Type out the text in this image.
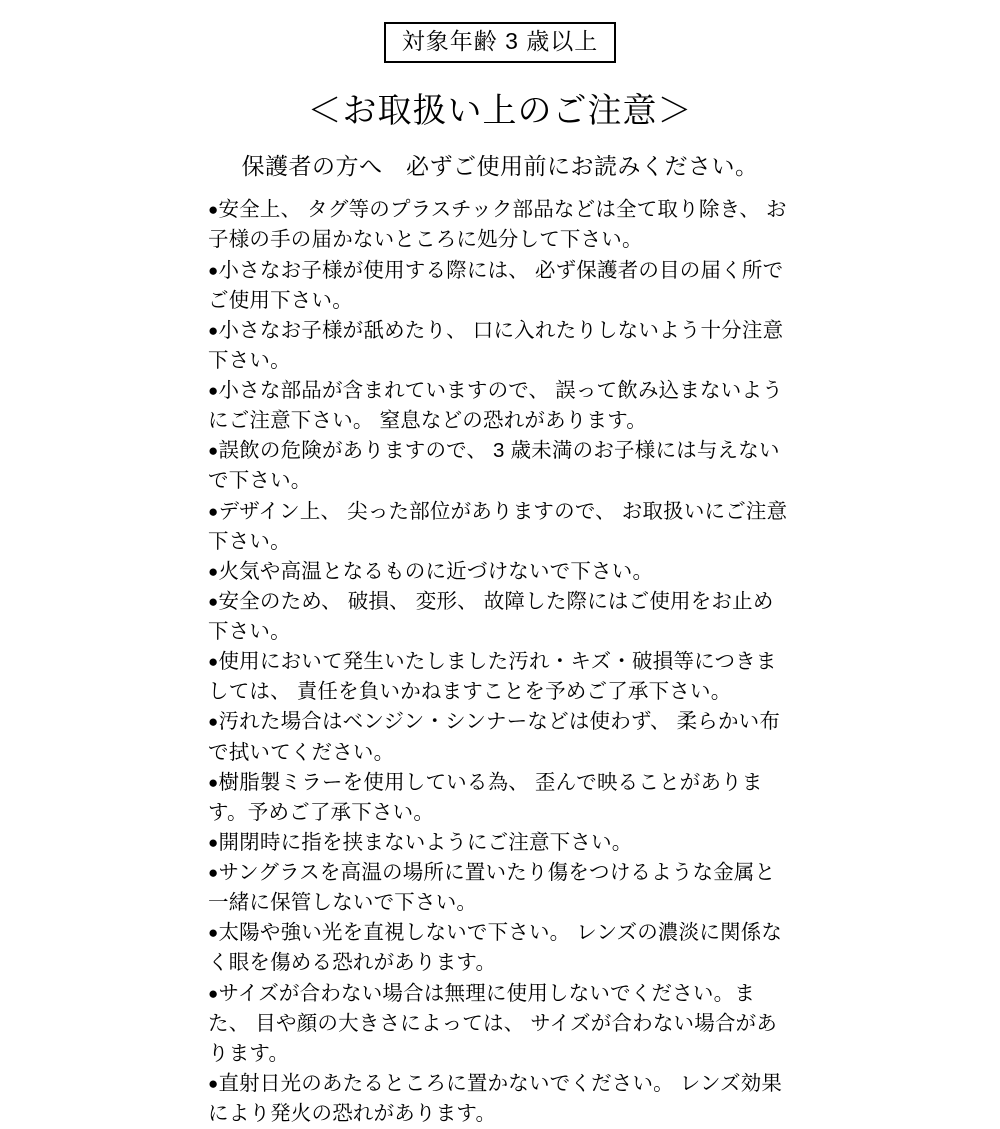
対象年齢 3 歳以上
＜お取扱い上のご注意＞
保護者の方へ　必ずご使用前にお読みください。

●安全上、 タグ等のプラスチック部品などは全て取り除き、 お子様の手の届かないところに処分して下さい。

●小さなお子様が使用する際には、 必ず保護者の目の届く所でご使用下さい。

●小さなお子様が舐めたり、 口に入れたりしないよう十分注意下さい。

●小さな部品が含まれていますので、 誤って飲み込まないようにご注意下さい。 窒息などの恐れがあります。

●誤飲の危険がありますので、 3 歳未満のお子様には与えないで下さい。

●デザイン上、 尖った部位がありますので、 お取扱いにご注意下さい。

●火気や高温となるものに近づけないで下さい。

●安全のため、 破損、 変形、 故障した際にはご使用をお止め下さい。

●使用において発生いたしました汚れ・キズ・破損等につきましては、 責任を負いかねますことを予めご了承下さい。

●汚れた場合はベンジン・シンナーなどは使わず、 柔らかい布で拭いてください。

●樹脂製ミラーを使用している為、 歪んで映ることがあります。予めご了承下さい。

●開閉時に指を挟まないようにご注意下さい。

●サングラスを高温の場所に置いたり傷をつけるような金属と一緒に保管しないで下さい。

●太陽や強い光を直視しないで下さい。 レンズの濃淡に関係なく眼を傷める恐れがあります。

●サイズが合わない場合は無理に使用しないでください。また、 目や顔の大きさによっては、 サイズが合わない場合があります。

●直射日光のあたるところに置かないでください。 レンズ効果により発火の恐れがあります。
